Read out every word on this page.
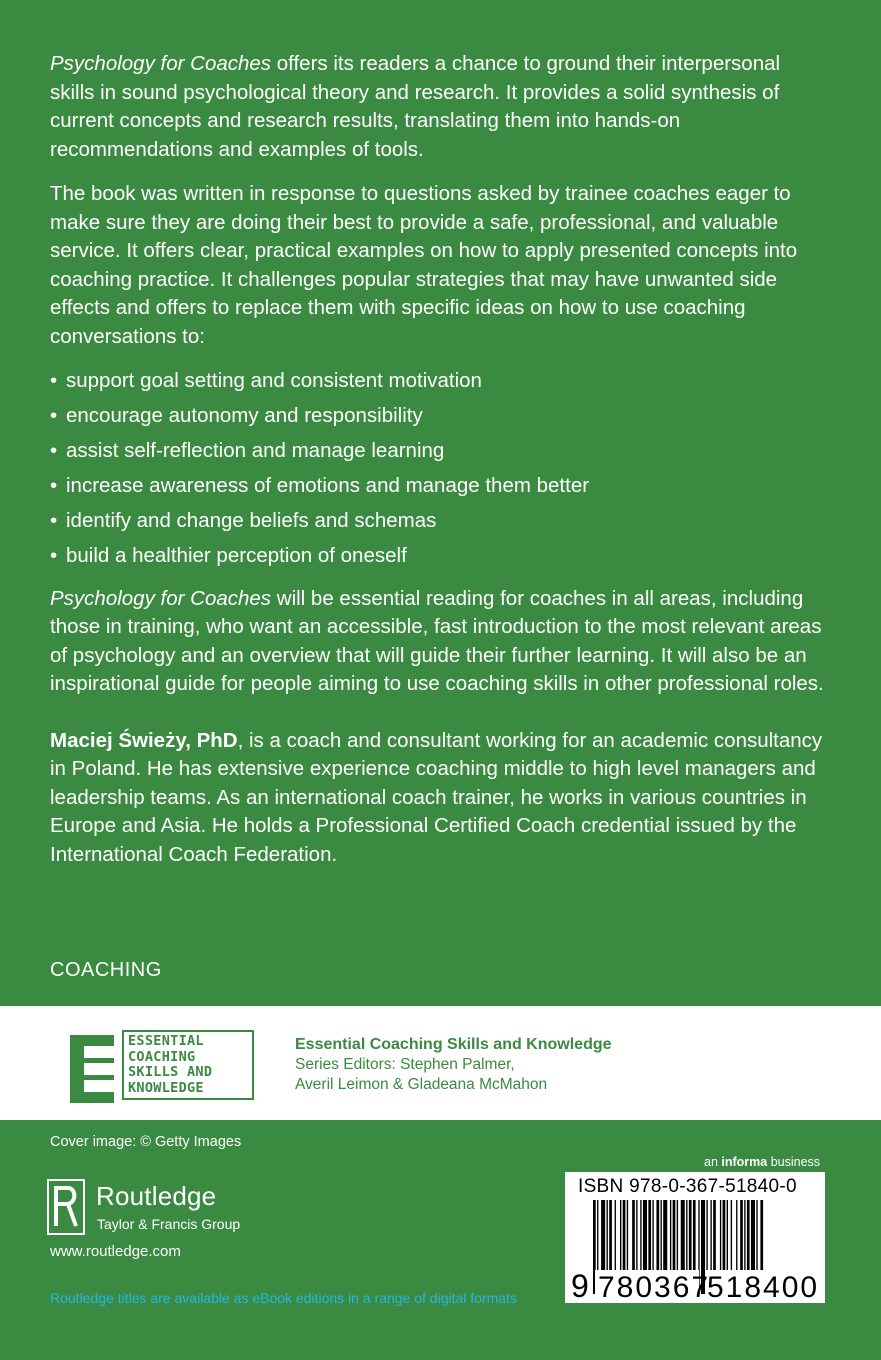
Psychology for Coaches offers its readers a chance to ground their interpersonal skills in sound psychological theory and research. It provides a solid synthesis of current concepts and research results, translating them into hands-on recommendations and examples of tools.

The book was written in response to questions asked by trainee coaches eager to make sure they are doing their best to provide a safe, professional, and valuable service. It offers clear, practical examples on how to apply presented concepts into coaching practice. It challenges popular strategies that may have unwanted side effects and offers to replace them with specific ideas on how to use coaching conversations to:

• support goal setting and consistent motivation
• encourage autonomy and responsibility
• assist self-reflection and manage learning
• increase awareness of emotions and manage them better
• identify and change beliefs and schemas
• build a healthier perception of oneself

Psychology for Coaches will be essential reading for coaches in all areas, including those in training, who want an accessible, fast introduction to the most relevant areas of psychology and an overview that will guide their further learning. It will also be an inspirational guide for people aiming to use coaching skills in other professional roles.

Maciej Świeży, PhD, is a coach and consultant working for an academic consultancy in Poland. He has extensive experience coaching middle to high level managers and leadership teams. As an international coach trainer, he works in various countries in Europe and Asia. He holds a Professional Certified Coach credential issued by the International Coach Federation.

COACHING
ESSENTIAL
COACHING
SKILLS AND
KNOWLEDGE
Essential Coaching Skills and Knowledge
Series Editors: Stephen Palmer,
Averil Leimon & Gladeana McMahon
Cover image: © Getty Images
Routledge
Taylor & Francis Group
www.routledge.com
Routledge titles are available as eBook editions in a range of digital formats
an informa business
ISBN 978-0-367-51840-0
9 780367
518400
